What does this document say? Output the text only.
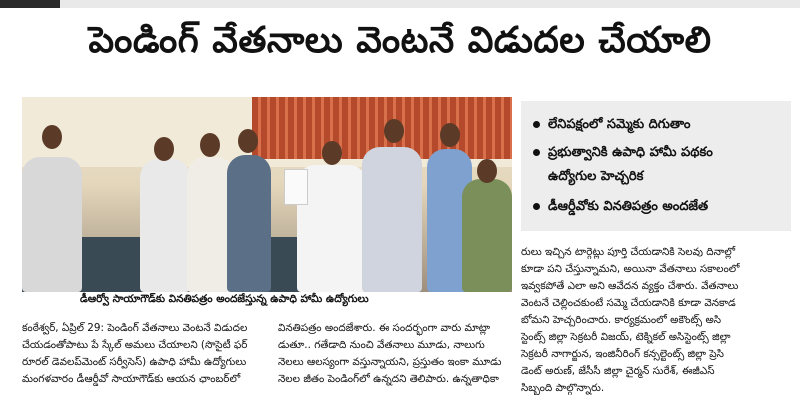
పెండింగ్ వేతనాలు వెంటనే విడుదల చేయాలి
డీఆర్వో సాయాగౌడ్‌కు వినతిపత్రం అందజేస్తున్న ఉపాధి హామీ ఉద్యోగులు
లేనిపక్షంలో సమ్మెకు దిగుతాం
ప్రభుత్వానికి ఉపాధి హామీ పథకం
ఉద్యోగుల హెచ్చరిక
డీఆర్డీవోకు వినతిపత్రం అందజేత
కంఠేశ్వర్, ఏప్రిల్ 29: పెండింగ్ వేతనాలు వెంటనే విడుదల
చేయడంతోపాటు పే స్కేల్ అమలు చేయాలని (సొసైటీ ఫర్
రూరల్ డెవలప్‌మెంట్ సర్వీసెస్) ఉపాధి హామీ ఉద్యోగులు
మంగళవారం డీఆర్డీవో సాయాగౌడ్‌కు ఆయన ఛాంబర్‌లో
వినతిపత్రం అందజేశారు. ఈ సందర్భంగా వారు మాట్లా
డుతూ.. గతేడాది నుంచి వేతనాలు మూడు, నాలుగు
నెలలు ఆలస్యంగా వస్తున్నాయని, ప్రస్తుతం ఇంకా మూడు
నెలల జీతం పెండింగ్‌లో ఉన్నదని తెలిపారు. ఉన్నతాధికా
రులు ఇచ్చిన టార్గెట్లు పూర్తి చేయడానికి సెలవు దినాల్లో
కూడా పని చేస్తున్నామని, అయినా వేతనాలు సకాలంలో
ఇవ్వకపోతే ఎలా అని ఆవేదన వ్యక్తం చేశారు. వేతనాలు
వెంటనే చెల్లించకుంటే సమ్మె చేయడానికి కూడా వెనకాడ
బోమని హెచ్చరించారు. కార్యక్రమంలో అకౌంట్స్ అసి
స్టెంట్స్ జిల్లా సెక్రటరీ విజయ్, టెక్నికల్ అసిస్టెంట్స్ జిల్లా
సెక్రటరీ నాగార్జున, ఇంజినీరింగ్ కన్సల్టెంట్స్ జిల్లా ప్రెసి
డెంట్ అరుణ్, జేసీసీ జిల్లా చైర్మన్ సురేశ్, ఈజీఎస్
సిబ్బంది పాల్గొన్నారు.
